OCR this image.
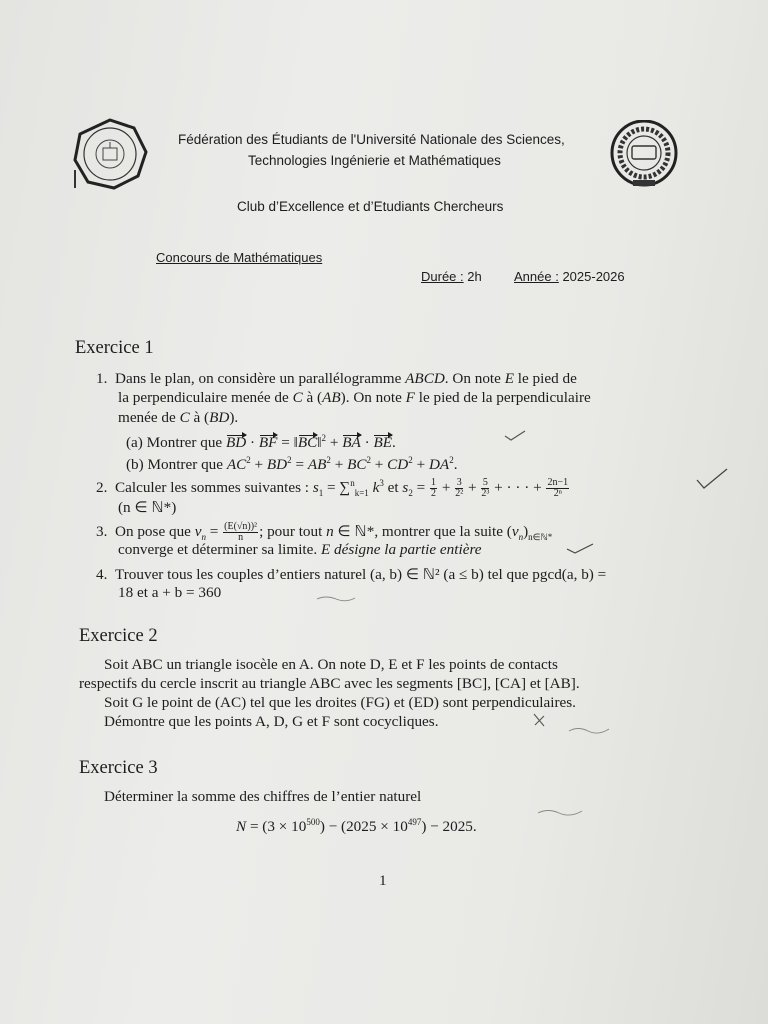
Fédération des Étudiants de l'Université Nationale des Sciences,
Technologies Ingénierie et Mathématiques
Club d’Excellence et d’Etudiants Chercheurs
Concours de Mathématiques
Durée : 2h Année : 2025-2026
Exercice 1
1. Dans le plan, on considère un parallélogramme ABCD. On note E le pied de
la perpendiculaire menée de C à (AB). On note F le pied de la perpendiculaire
menée de C à (BD).
(a) Montrer que BD · BF = ‖BC‖$^2$ + BA · BE.
(b) Montrer que $AC^2 + BD^2 = AB^2 + BC^2 + CD^2 + DA^2$.
2. Calculer les sommes suivantes : $s_1 = \sum^n_{k=1}$ $k^3$ et $s_2 = \frac{1}{2} + \frac{3}{\text{2²}} + \frac{5}{\text{2³}}$ + · · · + $\frac{2n-1}{\text{2ⁿ}}$
(n ∈ ℕ*)
3. On pose que $v_n = \frac{\text{(E(√n))²}}{n}$ ; pour tout n ∈ ℕ*, montrer que la suite $(v_n)_{n\in ℕ*}$
converge et déterminer sa limite. E désigne la partie entière
4. Trouver tous les couples d’entiers naturel (a, b) ∈ ℕ² (a ≤ b) tel que pgcd(a, b) =
18 et a + b = 360
Exercice 2
Soit ABC un triangle isocèle en A. On note D, E et F les points de contacts
respectifs du cercle inscrit au triangle ABC avec les segments [BC], [CA] et [AB].
Soit G le point de (AC) tel que les droites (FG) et (ED) sont perpendiculaires.
Démontre que les points A, D, G et F sont cocycliques.
Exercice 3
Déterminer la somme des chiffres de l’entier naturel
$N = (3 \times 10^{500}) - (2025 \times 10^{497}) - 2025$.
1
